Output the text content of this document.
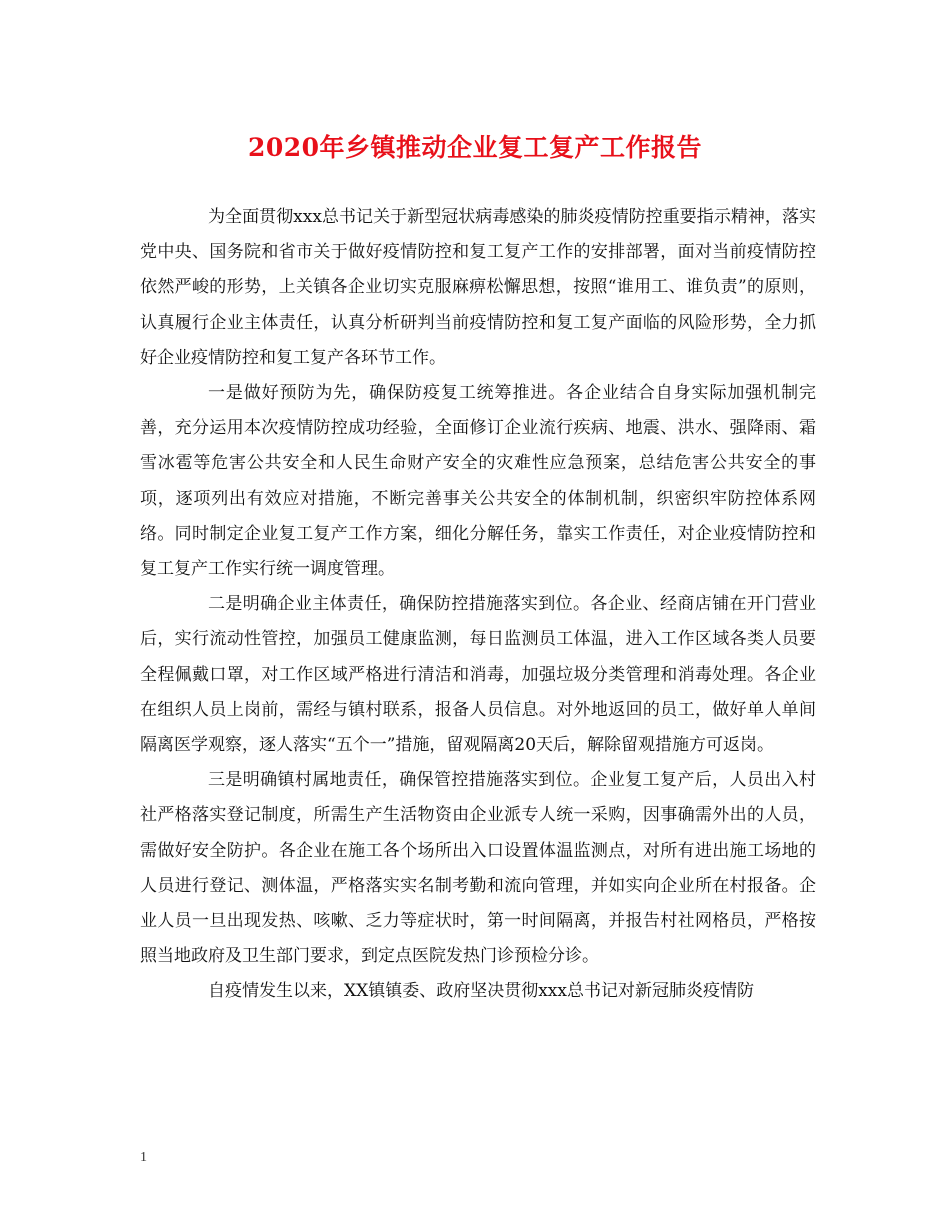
2020年乡镇推动企业复工复产工作报告

为全面贯彻xxx总书记关于新型冠状病毒感染的肺炎疫情防控重要指示精神，落实党中央、国务院和省市关于做好疫情防控和复工复产工作的安排部署，面对当前疫情防控依然严峻的形势，上关镇各企业切实克服麻痹松懈思想，按照“谁用工、谁负责”的原则，认真履行企业主体责任，认真分析研判当前疫情防控和复工复产面临的风险形势，全力抓好企业疫情防控和复工复产各环节工作。

一是做好预防为先，确保防疫复工统筹推进。各企业结合自身实际加强机制完善，充分运用本次疫情防控成功经验，全面修订企业流行疾病、地震、洪水、强降雨、霜雪冰雹等危害公共安全和人民生命财产安全的灾难性应急预案，总结危害公共安全的事项，逐项列出有效应对措施，不断完善事关公共安全的体制机制，织密织牢防控体系网络。同时制定企业复工复产工作方案，细化分解任务，靠实工作责任，对企业疫情防控和复工复产工作实行统一调度管理。

二是明确企业主体责任，确保防控措施落实到位。各企业、经商店铺在开门营业后，实行流动性管控，加强员工健康监测，每日监测员工体温，进入工作区域各类人员要全程佩戴口罩，对工作区域严格进行清洁和消毒，加强垃圾分类管理和消毒处理。各企业在组织人员上岗前，需经与镇村联系，报备人员信息。对外地返回的员工，做好单人单间隔离医学观察，逐人落实“五个一”措施，留观隔离20天后，解除留观措施方可返岗。

三是明确镇村属地责任，确保管控措施落实到位。企业复工复产后，人员出入村社严格落实登记制度，所需生产生活物资由企业派专人统一采购，因事确需外出的人员，需做好安全防护。各企业在施工各个场所出入口设置体温监测点，对所有进出施工场地的人员进行登记、测体温，严格落实实名制考勤和流向管理，并如实向企业所在村报备。企业人员一旦出现发热、咳嗽、乏力等症状时，第一时间隔离，并报告村社网格员，严格按照当地政府及卫生部门要求，到定点医院发热门诊预检分诊。

自疫情发生以来，XX镇镇委、政府坚决贯彻xxx总书记对新冠肺炎疫情防

1
